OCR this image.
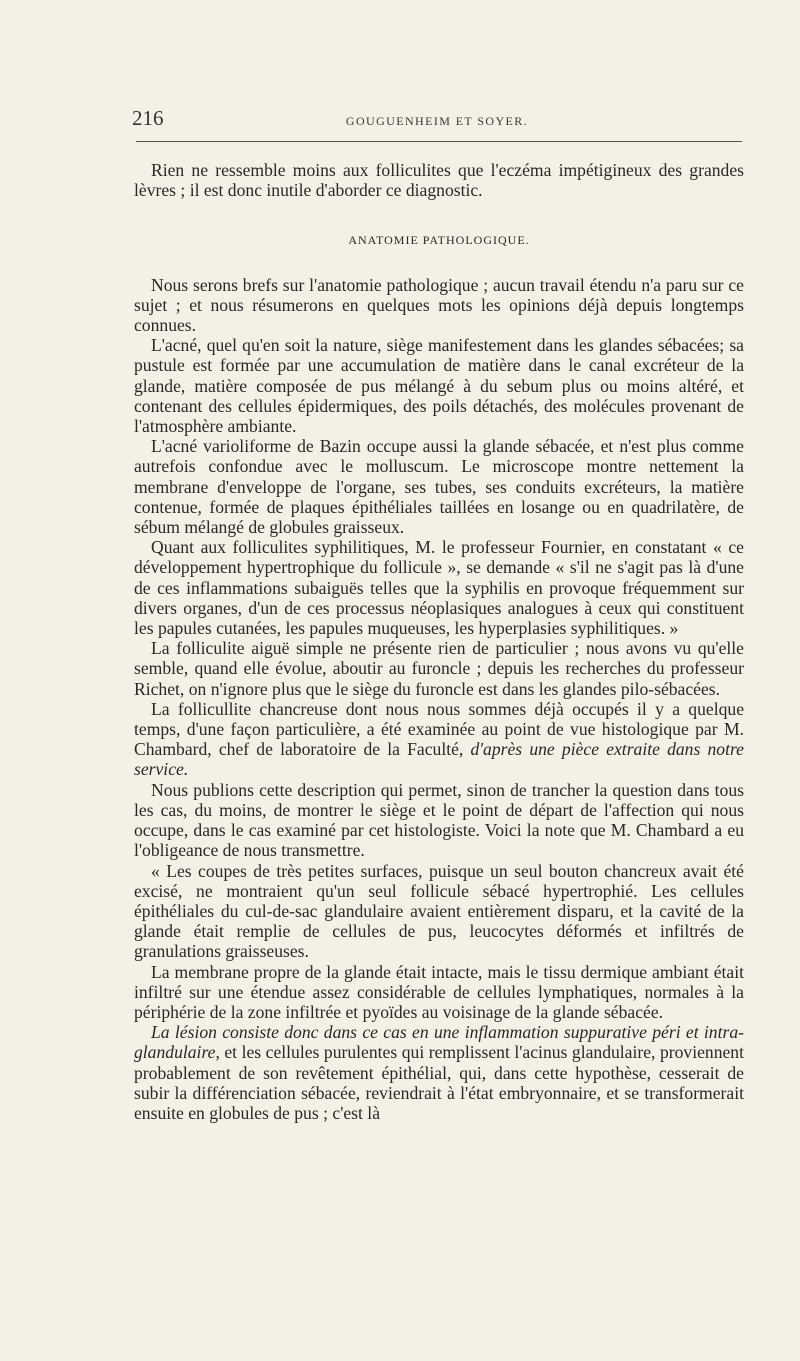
216	GOUGUENHEIM ET SOYER.

Rien ne ressemble moins aux folliculites que l'eczéma impétigineux des grandes lèvres ; il est donc inutile d'aborder ce diagnostic.

ANATOMIE PATHOLOGIQUE.

Nous serons brefs sur l'anatomie pathologique ; aucun travail étendu n'a paru sur ce sujet ; et nous résumerons en quelques mots les opinions déjà depuis longtemps connues.

L'acné, quel qu'en soit la nature, siège manifestement dans les glandes sébacées; sa pustule est formée par une accumulation de matière dans le canal excréteur de la glande, matière composée de pus mélangé à du sebum plus ou moins altéré, et contenant des cellules épidermiques, des poils détachés, des molécules provenant de l'atmosphère ambiante.

L'acné varioliforme de Bazin occupe aussi la glande sébacée, et n'est plus comme autrefois confondue avec le molluscum. Le microscope montre nettement la membrane d'enveloppe de l'organe, ses tubes, ses conduits excréteurs, la matière contenue, formée de plaques épithéliales taillées en losange ou en quadrilatère, de sébum mélangé de globules graisseux.

Quant aux folliculites syphilitiques, M. le professeur Fournier, en constatant « ce développement hypertrophique du follicule », se demande « s'il ne s'agit pas là d'une de ces inflammations subaiguës telles que la syphilis en provoque fréquemment sur divers organes, d'un de ces processus néoplasiques analogues à ceux qui constituent les papules cutanées, les papules muqueuses, les hyperplasies syphilitiques. »

La folliculite aiguë simple ne présente rien de particulier ; nous avons vu qu'elle semble, quand elle évolue, aboutir au furoncle ; depuis les recherches du professeur Richet, on n'ignore plus que le siège du furoncle est dans les glandes pilo-sébacées.

La follicullite chancreuse dont nous nous sommes déjà occupés il y a quelque temps, d'une façon particulière, a été examinée au point de vue histologique par M. Chambard, chef de laboratoire de la Faculté, d'après une pièce extraite dans notre service.

Nous publions cette description qui permet, sinon de trancher la question dans tous les cas, du moins, de montrer le siège et le point de départ de l'affection qui nous occupe, dans le cas examiné par cet histologiste. Voici la note que M. Chambard a eu l'obligeance de nous transmettre.

« Les coupes de très petites surfaces, puisque un seul bouton chancreux avait été excisé, ne montraient qu'un seul follicule sébacé hypertrophié. Les cellules épithéliales du cul-de-sac glandulaire avaient entièrement disparu, et la cavité de la glande était remplie de cellules de pus, leucocytes déformés et infiltrés de granulations graisseuses.

La membrane propre de la glande était intacte, mais le tissu dermique ambiant était infiltré sur une étendue assez considérable de cellules lymphatiques, normales à la périphérie de la zone infiltrée et pyoïdes au voisinage de la glande sébacée.

La lésion consiste donc dans ce cas en une inflammation suppurative péri et intra-glandulaire, et les cellules purulentes qui remplissent l'acinus glandulaire, proviennent probablement de son revêtement épithélial, qui, dans cette hypothèse, cesserait de subir la différenciation sébacée, reviendrait à l'état embryonnaire, et se transformerait ensuite en globules de pus ; c'est là
